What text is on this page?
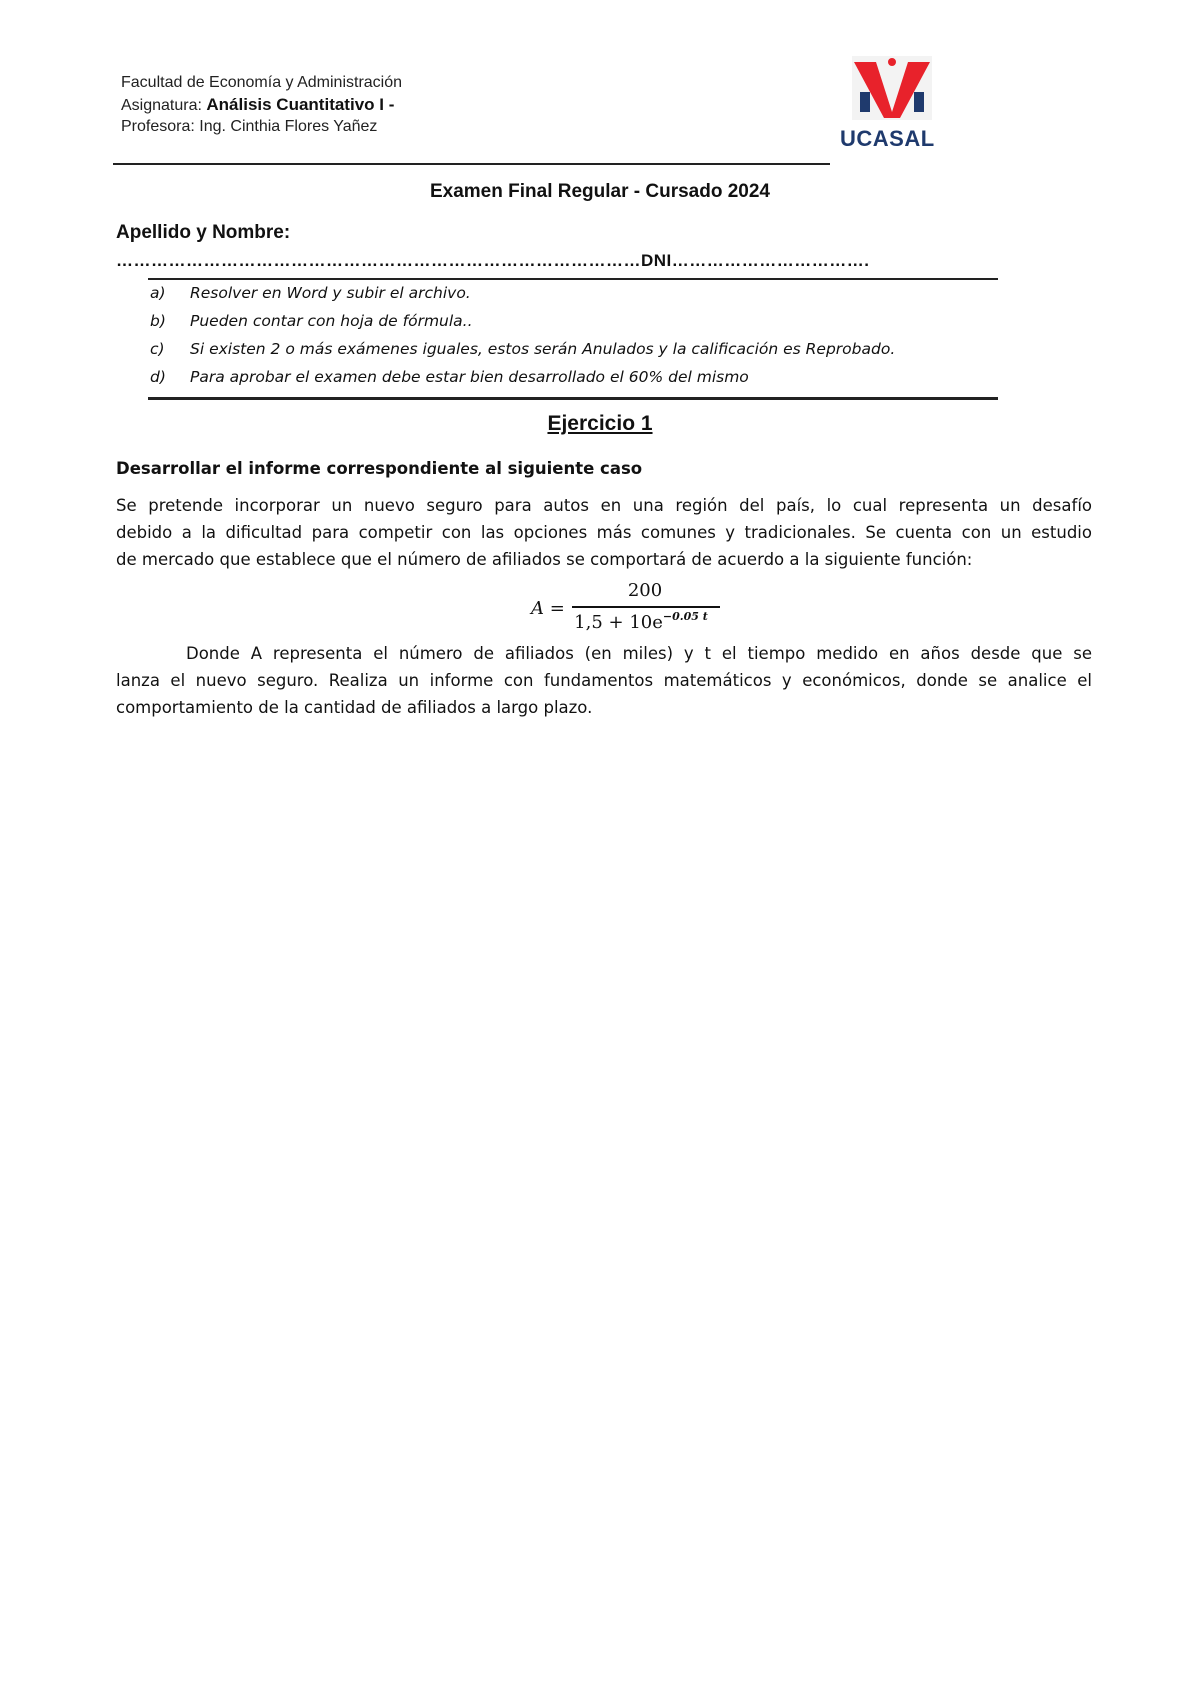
Facultad de Economía y Administración
Asignatura: Análisis Cuantitativo I -
Profesora: Ing. Cinthia Flores Yañez	UCASAL
Examen Final Regular - Cursado 2024
Apellido y Nombre:
………………………………………………………………………………DNI…………………………….
a) Resolver en Word y subir el archivo.
b) Pueden contar con hoja de fórmula..
c) Si existen 2 o más exámenes iguales, estos serán Anulados y la calificación es Reprobado.
d) Para aprobar el examen debe estar bien desarrollado el 60% del mismo
Ejercicio 1
Desarrollar el informe correspondiente al siguiente caso
Se pretende incorporar un nuevo seguro para autos en una región del país, lo cual representa un desafío
debido a la dificultad para competir con las opciones más comunes y tradicionales. Se cuenta con un estudio
de mercado que establece que el número de afiliados se comportará de acuerdo a la siguiente función:
A =
200
$1,5 + 10e^{-0.05 t}$
Donde A representa el número de afiliados (en miles) y t el tiempo medido en años desde que se
lanza el nuevo seguro. Realiza un informe con fundamentos matemáticos y económicos, donde se analice el
comportamiento de la cantidad de afiliados a largo plazo.
